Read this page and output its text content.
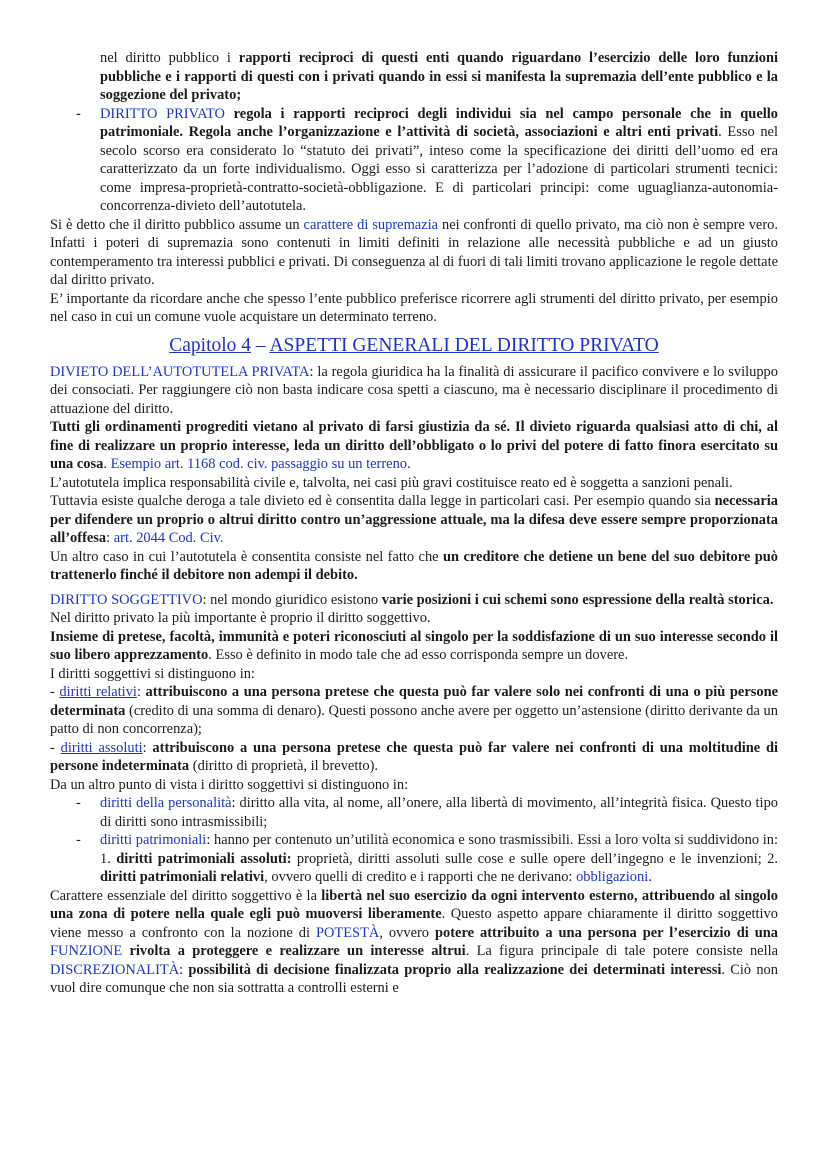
nel diritto pubblico i rapporti reciproci di questi enti quando riguardano l’esercizio delle loro funzioni pubbliche e i rapporti di questi con i privati quando in essi si manifesta la supremazia dell’ente pubblico e la soggezione del privato;

- DIRITTO PRIVATO regola i rapporti reciproci degli individui sia nel campo personale che in quello patrimoniale. Regola anche l’organizzazione e l’attività di società, associazioni e altri enti privati. Esso nel secolo scorso era considerato lo “statuto dei privati”, inteso come la specificazione dei diritti dell’uomo ed era caratterizzato da un forte individualismo. Oggi esso si caratterizza per l’adozione di particolari strumenti tecnici: come impresa-proprietà-contratto-società-obbligazione. E di particolari principi: come uguaglianza-autonomia-concorrenza-divieto dell’autotutela.

Si è detto che il diritto pubblico assume un carattere di supremazia nei confronti di quello privato, ma ciò non è sempre vero. Infatti i poteri di supremazia sono contenuti in limiti definiti in relazione alle necessità pubbliche e ad un giusto contemperamento tra interessi pubblici e privati. Di conseguenza al di fuori di tali limiti trovano applicazione le regole dettate dal diritto privato.

E’ importante da ricordare anche che spesso l’ente pubblico preferisce ricorrere agli strumenti del diritto privato, per esempio nel caso in cui un comune vuole acquistare un determinato terreno.

Capitolo 4 – ASPETTI GENERALI DEL DIRITTO PRIVATO

DIVIETO DELL’AUTOTUTELA PRIVATA: la regola giuridica ha la finalità di assicurare il pacifico convivere e lo sviluppo dei consociati. Per raggiungere ciò non basta indicare cosa spetti a ciascuno, ma è necessario disciplinare il procedimento di attuazione del diritto.

Tutti gli ordinamenti progrediti vietano al privato di farsi giustizia da sé. Il divieto riguarda qualsiasi atto di chi, al fine di realizzare un proprio interesse, leda un diritto dell’obbligato o lo privi del potere di fatto finora esercitato su una cosa. Esempio art. 1168 cod. civ. passaggio su un terreno.

L’autotutela implica responsabilità civile e, talvolta, nei casi più gravi costituisce reato ed è soggetta a sanzioni penali.

Tuttavia esiste qualche deroga a tale divieto ed è consentita dalla legge in particolari casi. Per esempio quando sia necessaria per difendere un proprio o altrui diritto contro un’aggressione attuale, ma la difesa deve essere sempre proporzionata all’offesa: art. 2044 Cod. Civ.

Un altro caso in cui l’autotutela è consentita consiste nel fatto che un creditore che detiene un bene del suo debitore può trattenerlo finché il debitore non adempi il debito.

DIRITTO SOGGETTIVO: nel mondo giuridico esistono varie posizioni i cui schemi sono espressione della realtà storica.

Nel diritto privato la più importante è proprio il diritto soggettivo.

Insieme di pretese, facoltà, immunità e poteri riconosciuti al singolo per la soddisfazione di un suo interesse secondo il suo libero apprezzamento. Esso è definito in modo tale che ad esso corrisponda sempre un dovere.

I diritti soggettivi si distinguono in:

- diritti relativi: attribuiscono a una persona pretese che questa può far valere solo nei confronti di una o più persone determinata (credito di una somma di denaro). Questi possono anche avere per oggetto un’astensione (diritto derivante da un patto di non concorrenza);

- diritti assoluti: attribuiscono a una persona pretese che questa può far valere nei confronti di una moltitudine di persone indeterminata (diritto di proprietà, il brevetto).

Da un altro punto di vista i diritto soggettivi si distinguono in:

- diritti della personalità: diritto alla vita, al nome, all’onere, alla libertà di movimento, all’integrità fisica. Questo tipo di diritti sono intrasmissibili;

- diritti patrimoniali: hanno per contenuto un’utilità economica e sono trasmissibili. Essi a loro volta si suddividono in: 1. diritti patrimoniali assoluti: proprietà, diritti assoluti sulle cose e sulle opere dell’ingegno e le invenzioni; 2. diritti patrimoniali relativi, ovvero quelli di credito e i rapporti che ne derivano: obbligazioni.

Carattere essenziale del diritto soggettivo è la libertà nel suo esercizio da ogni intervento esterno, attribuendo al singolo una zona di potere nella quale egli può muoversi liberamente. Questo aspetto appare chiaramente il diritto soggettivo viene messo a confronto con la nozione di POTESTÀ, ovvero potere attribuito a una persona per l’esercizio di una FUNZIONE rivolta a proteggere e realizzare un interesse altrui. La figura principale di tale potere consiste nella DISCREZIONALITÀ: possibilità di decisione finalizzata proprio alla realizzazione dei determinati interessi. Ciò non vuol dire comunque che non sia sottratta a controlli esterni e
